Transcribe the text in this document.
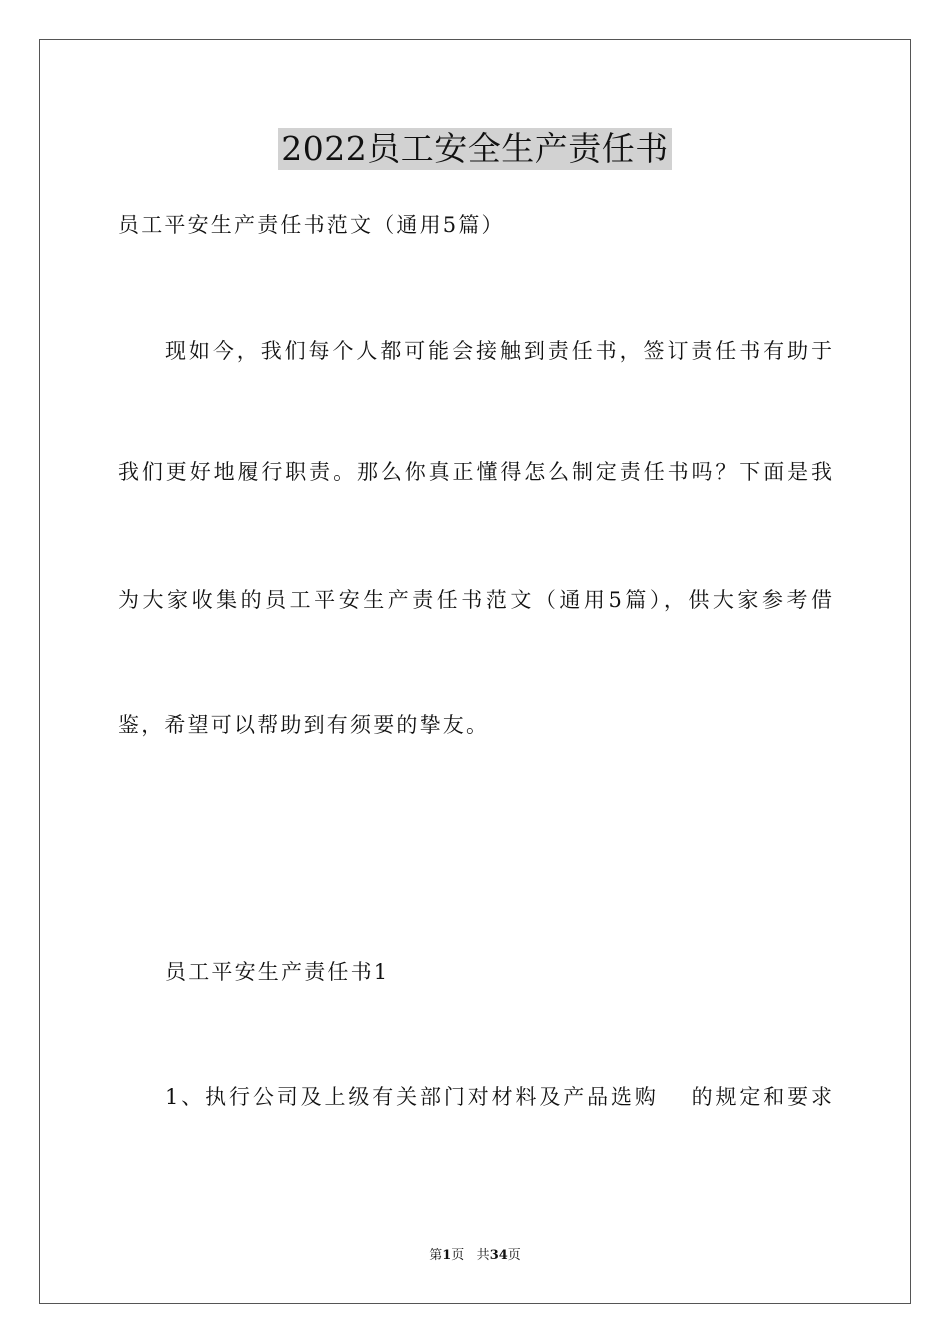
2022员工安全生产责任书
员工平安生产责任书范文（通用5篇）
现如今，我们每个人都可能会接触到责任书，签订责任书有助于
我们更好地履行职责。那么你真正懂得怎么制定责任书吗？下面是我
为大家收集的员工平安生产责任书范文（通用5篇），供大家参考借
鉴，希望可以帮助到有须要的挚友。
员工平安生产责任书1
1、执行公司及上级有关部门对材料及产品选购 的规定和要求
第1页 共34页
